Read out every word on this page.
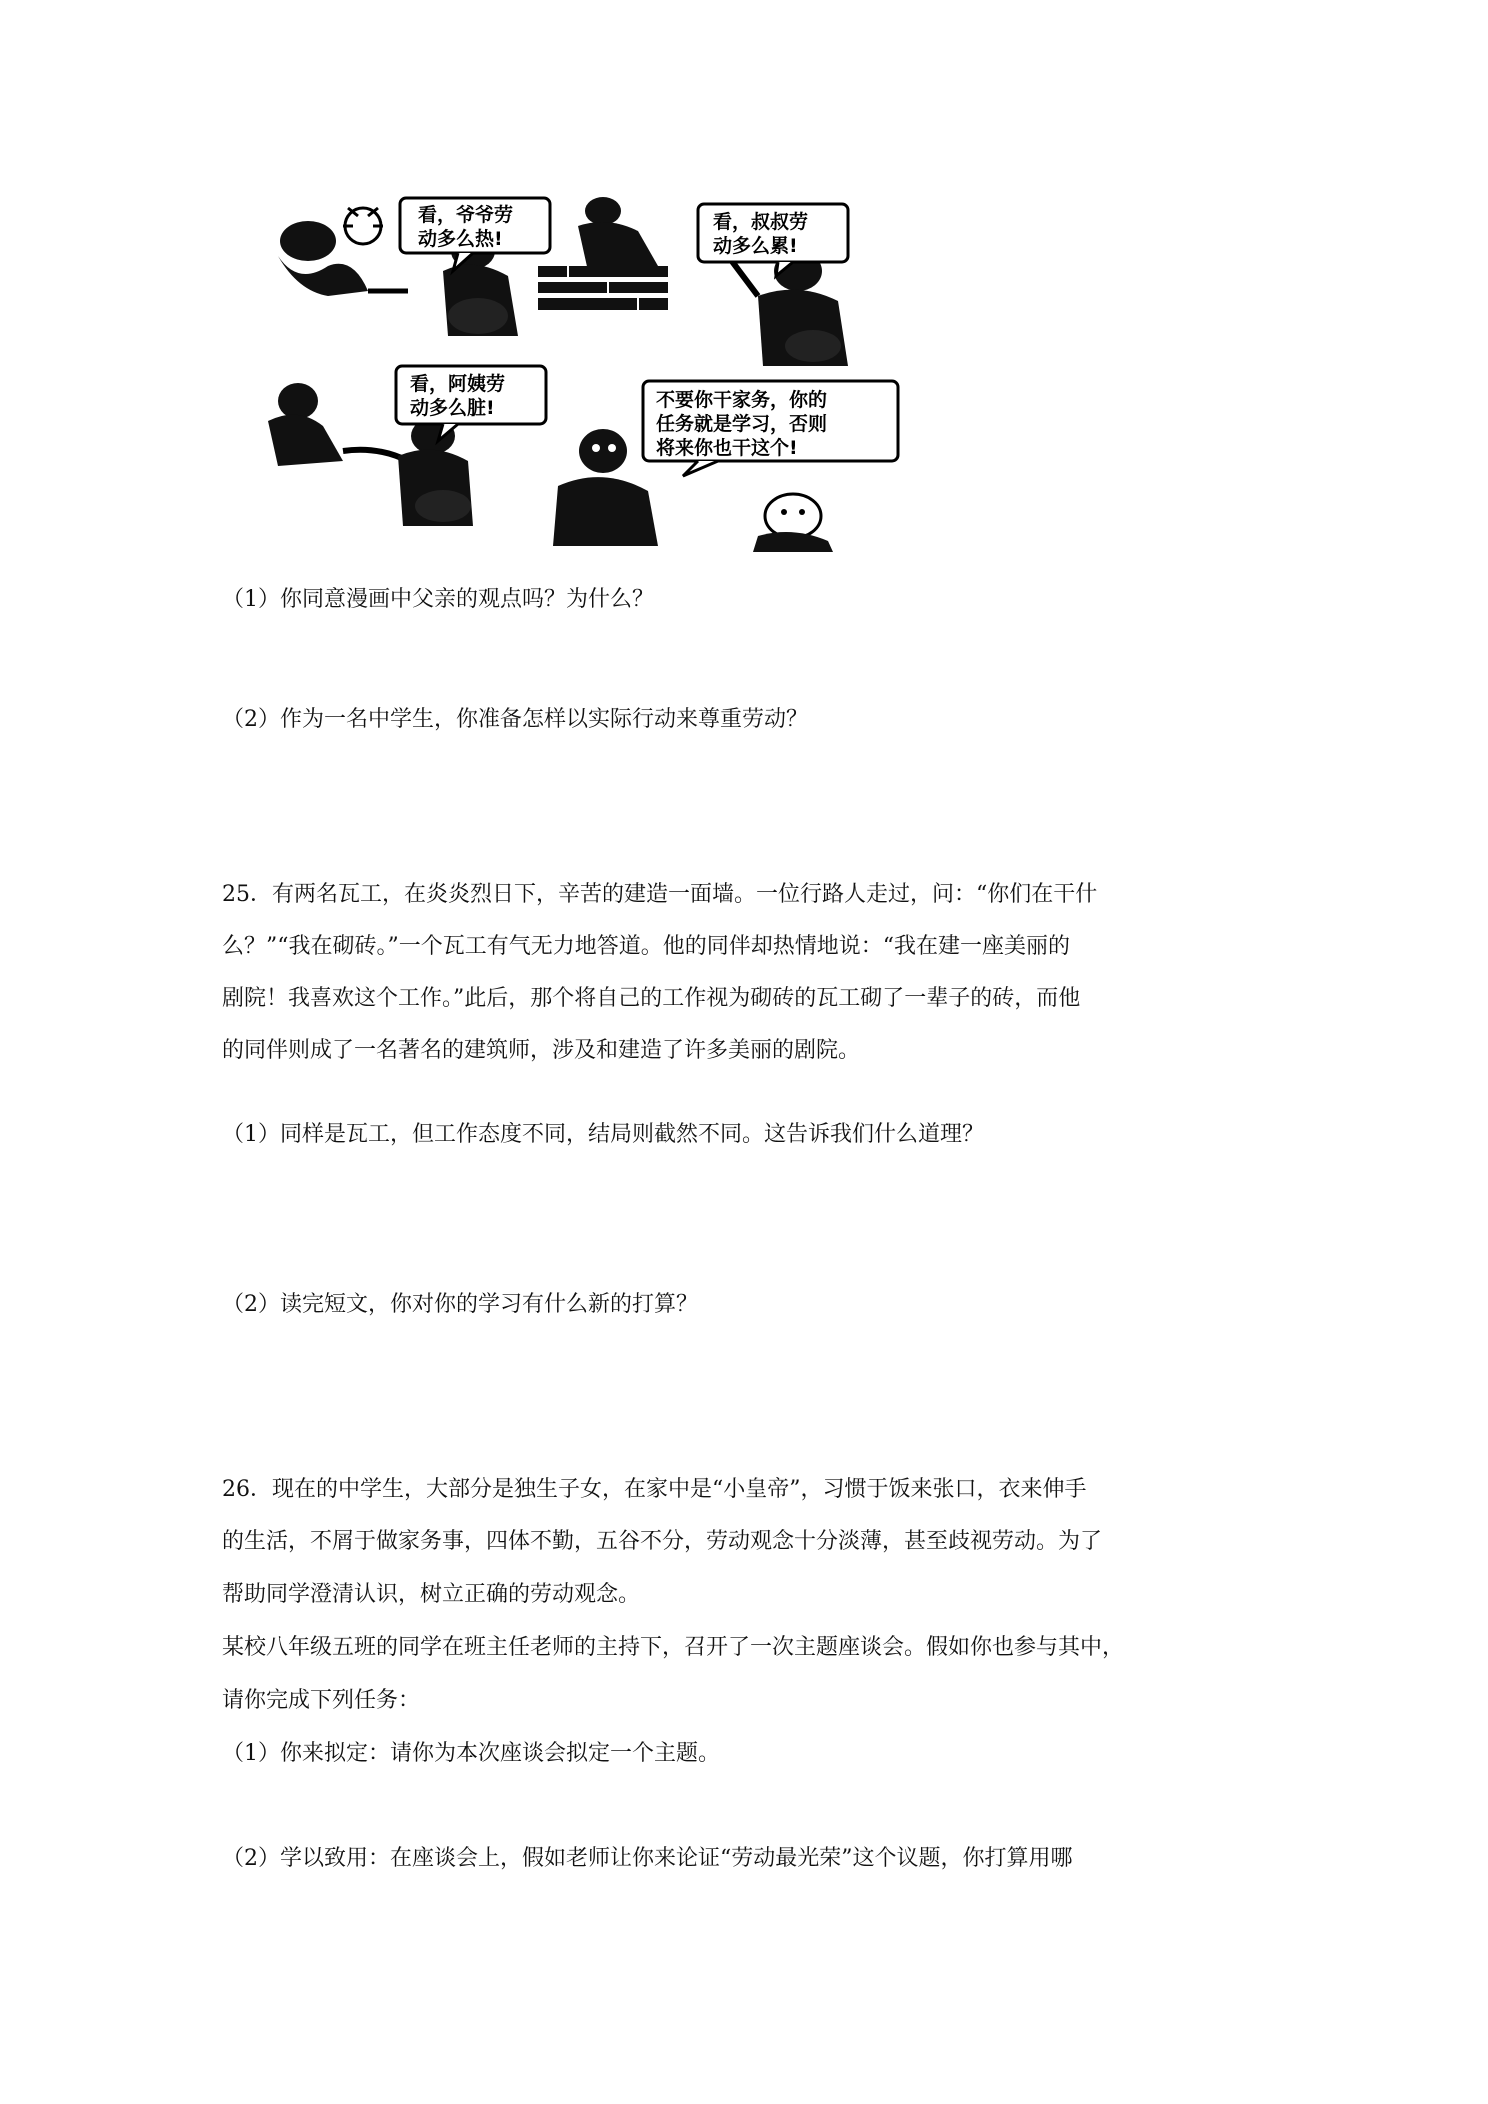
看，爷爷劳
动多么热!
看，叔叔劳
动多么累!
看，阿姨劳
动多么脏!	不要你干家务，你的
任务就是学习，否则
将来你也干这个!
（1）你同意漫画中父亲的观点吗？为什么？
（2）作为一名中学生，你准备怎样以实际行动来尊重劳动？
25．有两名瓦工，在炎炎烈日下，辛苦的建造一面墙。一位行路人走过，问：“你们在干什
么？”“我在砌砖。”一个瓦工有气无力地答道。他的同伴却热情地说：“我在建一座美丽的
剧院！我喜欢这个工作。”此后，那个将自己的工作视为砌砖的瓦工砌了一辈子的砖，而他
的同伴则成了一名著名的建筑师，涉及和建造了许多美丽的剧院。
（1）同样是瓦工，但工作态度不同，结局则截然不同。这告诉我们什么道理？
（2）读完短文，你对你的学习有什么新的打算？
26．现在的中学生，大部分是独生子女，在家中是“小皇帝”，习惯于饭来张口，衣来伸手
的生活，不屑于做家务事，四体不勤，五谷不分，劳动观念十分淡薄，甚至歧视劳动。为了
帮助同学澄清认识，树立正确的劳动观念。
某校八年级五班的同学在班主任老师的主持下，召开了一次主题座谈会。假如你也参与其中，
请你完成下列任务：
（1）你来拟定：请你为本次座谈会拟定一个主题。
（2）学以致用：在座谈会上，假如老师让你来论证“劳动最光荣”这个议题，你打算用哪
